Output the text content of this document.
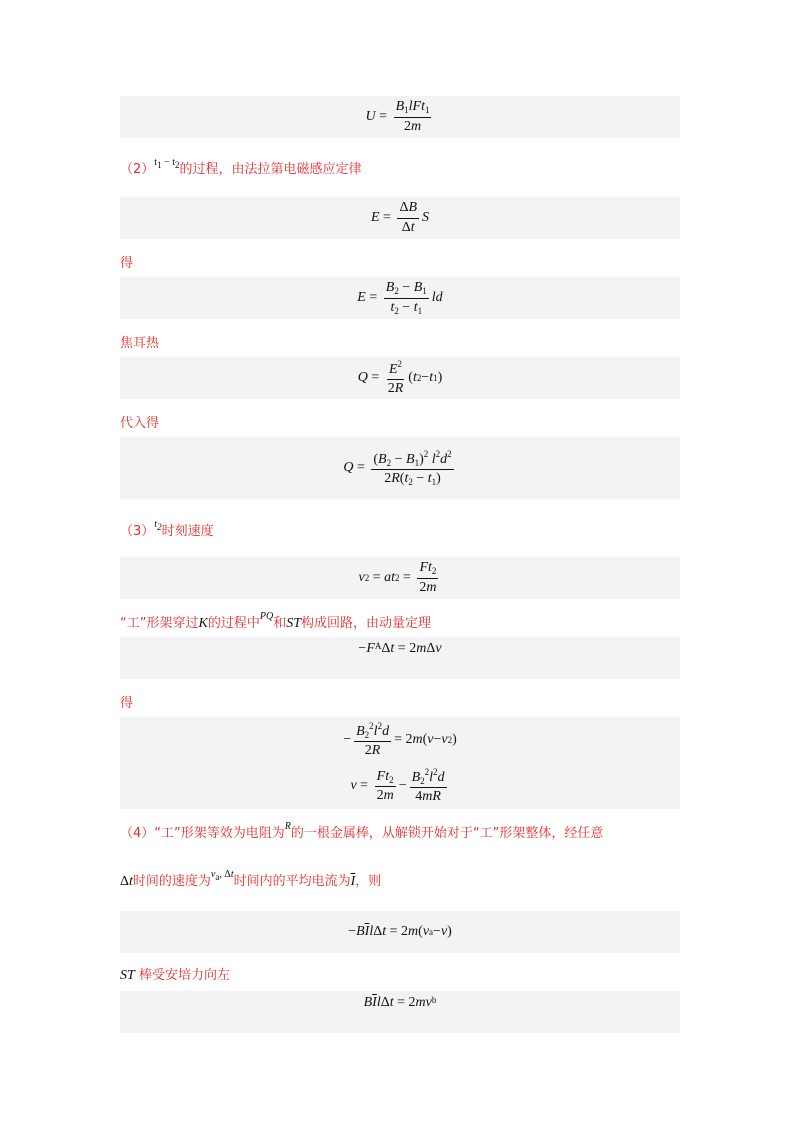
$U = \frac{B_1lFt_1}{2m}$
$(2)^{t_1 - t_2}$的过程，由法拉第电磁感应定律
$E = \frac{\Delta B}{\Delta t}$ S
得
$E = \frac{B_2 - B_1}{t_2 - t_1}$ ld
焦耳热
$Q = \frac{E^2}{2R}$ ( t 2 − t 1 )
代入得
$Q = \frac{(B_2 - B_1)^2 l^2d^2}{2R(t_2 - t_1)}$
$(3)^{t_2}$时刻速度
v 2 = at $2 = \frac{Ft_2}{2m}$
“工”形架穿过K的过程中$^{PQ}$和ST构成回路，由动量定理
− $F^A$ Δ t = 2 m Δ v
得
− $\frac{B_2^2l^2d}{2R} = 2$ m ( v − v 2 )
$v = \frac{Ft_2}{2m} - \frac{B_2^2l^2d}{4mR}$
（4）“工”形架等效为电阻为$^R$的一根金属棒，从解锁开始对于“工”形架整体，经任意
Δt时间的速度为$^{v_a, \Delta t}$时间内的平均电流为$\overline{I}$，则
− B $\overline{I}$ l Δ t = 2 m ( v a − v )
ST 棒受安培力向左
B $\overline{I}$ l Δ t = 2 $mv^b$
